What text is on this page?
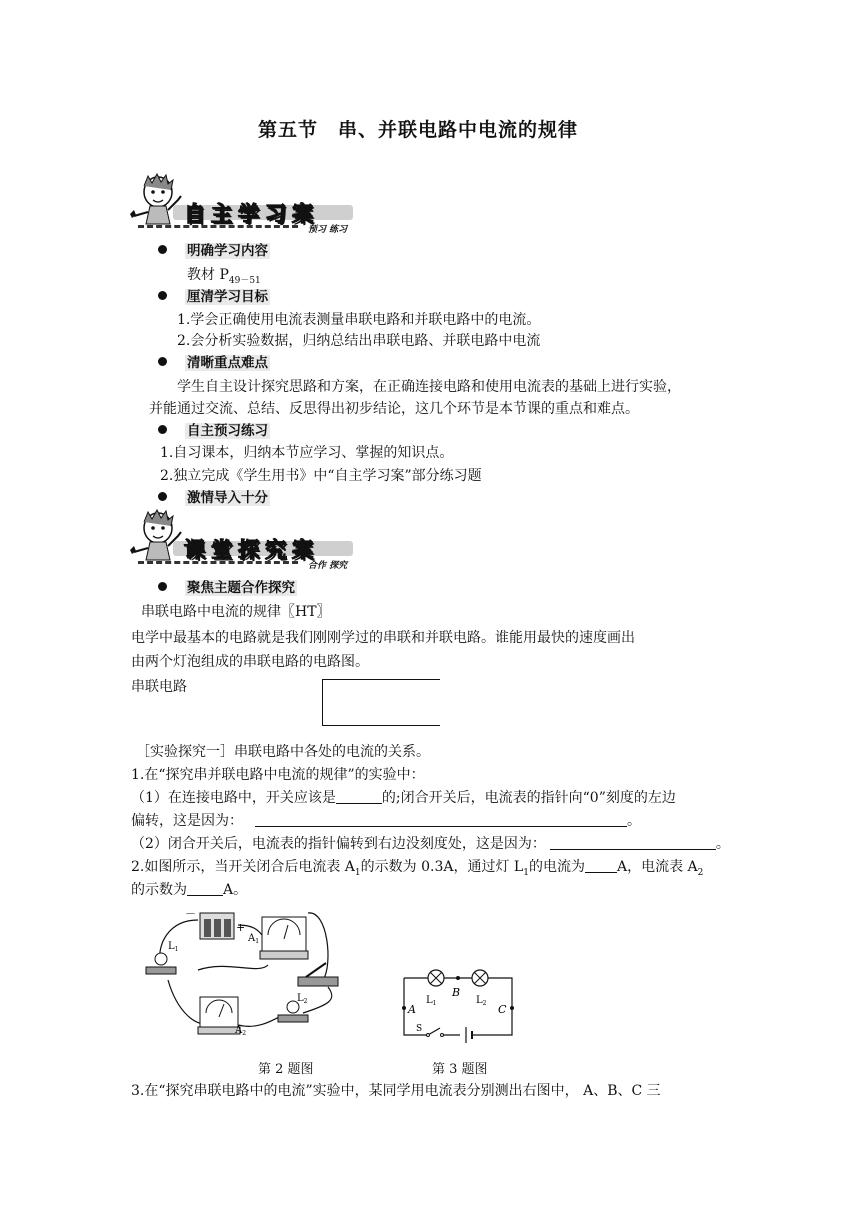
第五节　串、并联电路中电流的规律
自主学习案
预习 练习
明确学习内容
教材 $P_{49-51}$
厘清学习目标
1.学会正确使用电流表测量串联电路和并联电路中的电流。
2.会分析实验数据，归纳总结出串联电路、并联电路中电流
清晰重点难点
学生自主设计探究思路和方案，在正确连接电路和使用电流表的基础上进行实验，
并能通过交流、总结、反思得出初步结论，这几个环节是本节课的重点和难点。
自主预习练习
1.自习课本，归纳本节应学习、掌握的知识点。
2.独立完成《学生用书》中“自主学习案”部分练习题
激情导入十分
课堂探究案
合作 探究
聚焦主题合作探究
串联电路中电流的规律〖HT〗
电学中最基本的电路就是我们刚刚学过的串联和并联电路。谁能用最快的速度画出
由两个灯泡组成的串联电路的电路图。
串联电路
［实验探究一］串联电路中各处的电流的关系。
1.在“探究串并联电路中电流的规律”的实验中：
（1）在连接电路中，开关应该是	的;闭合开关后，电流表的指针向“0”刻度的左边
偏转，这是因为：	。
（2）闭合开关后，电流表的指针偏转到右边没刻度处，这是因为：	。
2.如图所示，当开关闭合后电流表 $A_1$的示数为 0.3A，通过灯 $L_1$的电流为 A，电流表 $A_2$
的示数为	A。
－
+
$A_1$
$L_1$
$A_2$
$L_2$	$L_1$	$L_2$
B
A	C
S
第 2 题图	第 3 题图
3.在“探究串联电路中的电流”实验中，某同学用电流表分别测出右图中， A、B、C 三
